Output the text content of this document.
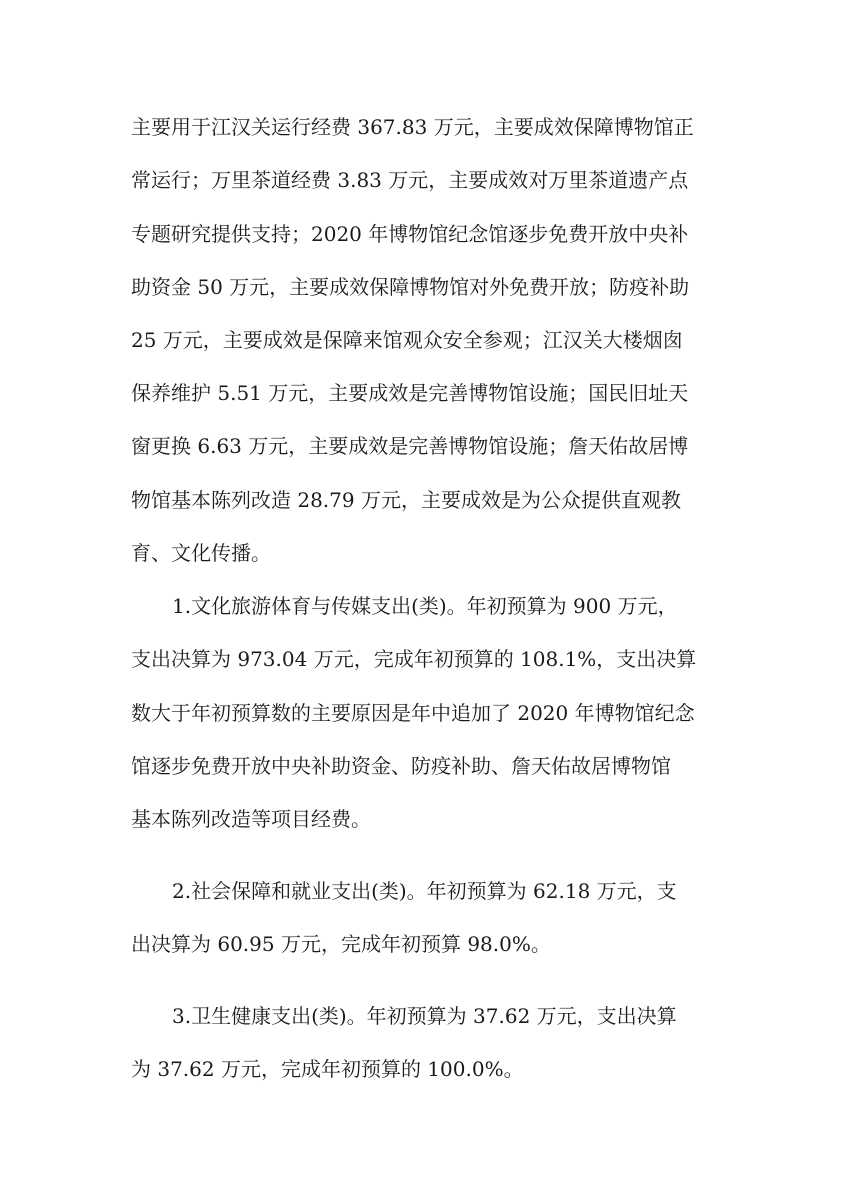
主要用于江汉关运行经费 367.83 万元，主要成效保障博物馆正
常运行；万里茶道经费 3.83 万元，主要成效对万里茶道遗产点
专题研究提供支持；2020 年博物馆纪念馆逐步免费开放中央补
助资金 50 万元，主要成效保障博物馆对外免费开放；防疫补助
25 万元，主要成效是保障来馆观众安全参观；江汉关大楼烟囱
保养维护 5.51 万元，主要成效是完善博物馆设施；国民旧址天
窗更换 6.63 万元，主要成效是完善博物馆设施；詹天佑故居博
物馆基本陈列改造 28.79 万元，主要成效是为公众提供直观教
育、文化传播。
1.文化旅游体育与传媒支出(类)。年初预算为 900 万元，
支出决算为 973.04 万元，完成年初预算的 108.1%，支出决算
数大于年初预算数的主要原因是年中追加了 2020 年博物馆纪念
馆逐步免费开放中央补助资金、防疫补助、詹天佑故居博物馆
基本陈列改造等项目经费。
2.社会保障和就业支出(类)。年初预算为 62.18 万元，支
出决算为 60.95 万元，完成年初预算 98.0%。
3.卫生健康支出(类)。年初预算为 37.62 万元，支出决算
为 37.62 万元，完成年初预算的 100.0%。
